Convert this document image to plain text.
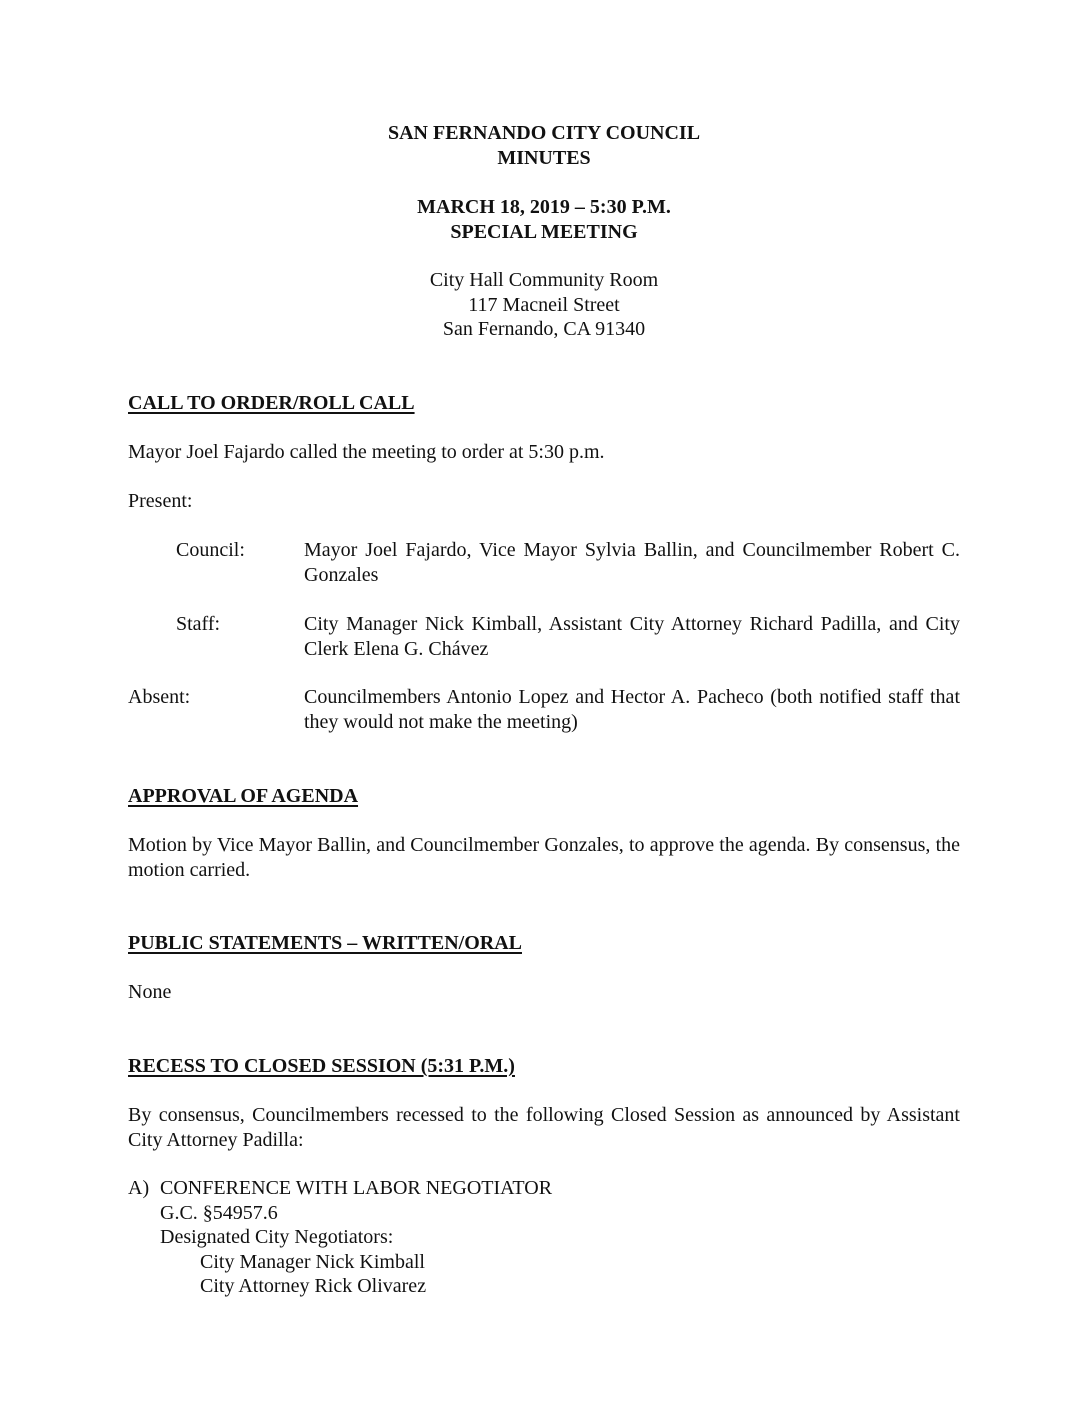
SAN FERNANDO CITY COUNCIL
MINUTES
MARCH 18, 2019 – 5:30 P.M.
SPECIAL MEETING
City Hall Community Room
117 Macneil Street
San Fernando, CA 91340
CALL TO ORDER/ROLL CALL
Mayor Joel Fajardo called the meeting to order at 5:30 p.m.
Present:
Council:	Mayor Joel Fajardo, Vice Mayor Sylvia Ballin, and Councilmember Robert C. Gonzales
Staff:	City Manager Nick Kimball, Assistant City Attorney Richard Padilla, and City Clerk Elena G. Chávez
Absent:	Councilmembers Antonio Lopez and Hector A. Pacheco (both notified staff that they would not make the meeting)
APPROVAL OF AGENDA
Motion by Vice Mayor Ballin, and Councilmember Gonzales, to approve the agenda. By consensus, the motion carried.
PUBLIC STATEMENTS – WRITTEN/ORAL
None
RECESS TO CLOSED SESSION (5:31 P.M.)
By consensus, Councilmembers recessed to the following Closed Session as announced by Assistant City Attorney Padilla:
A) CONFERENCE WITH LABOR NEGOTIATOR
G.C. §54957.6
Designated City Negotiators:
City Manager Nick Kimball
City Attorney Rick Olivarez
